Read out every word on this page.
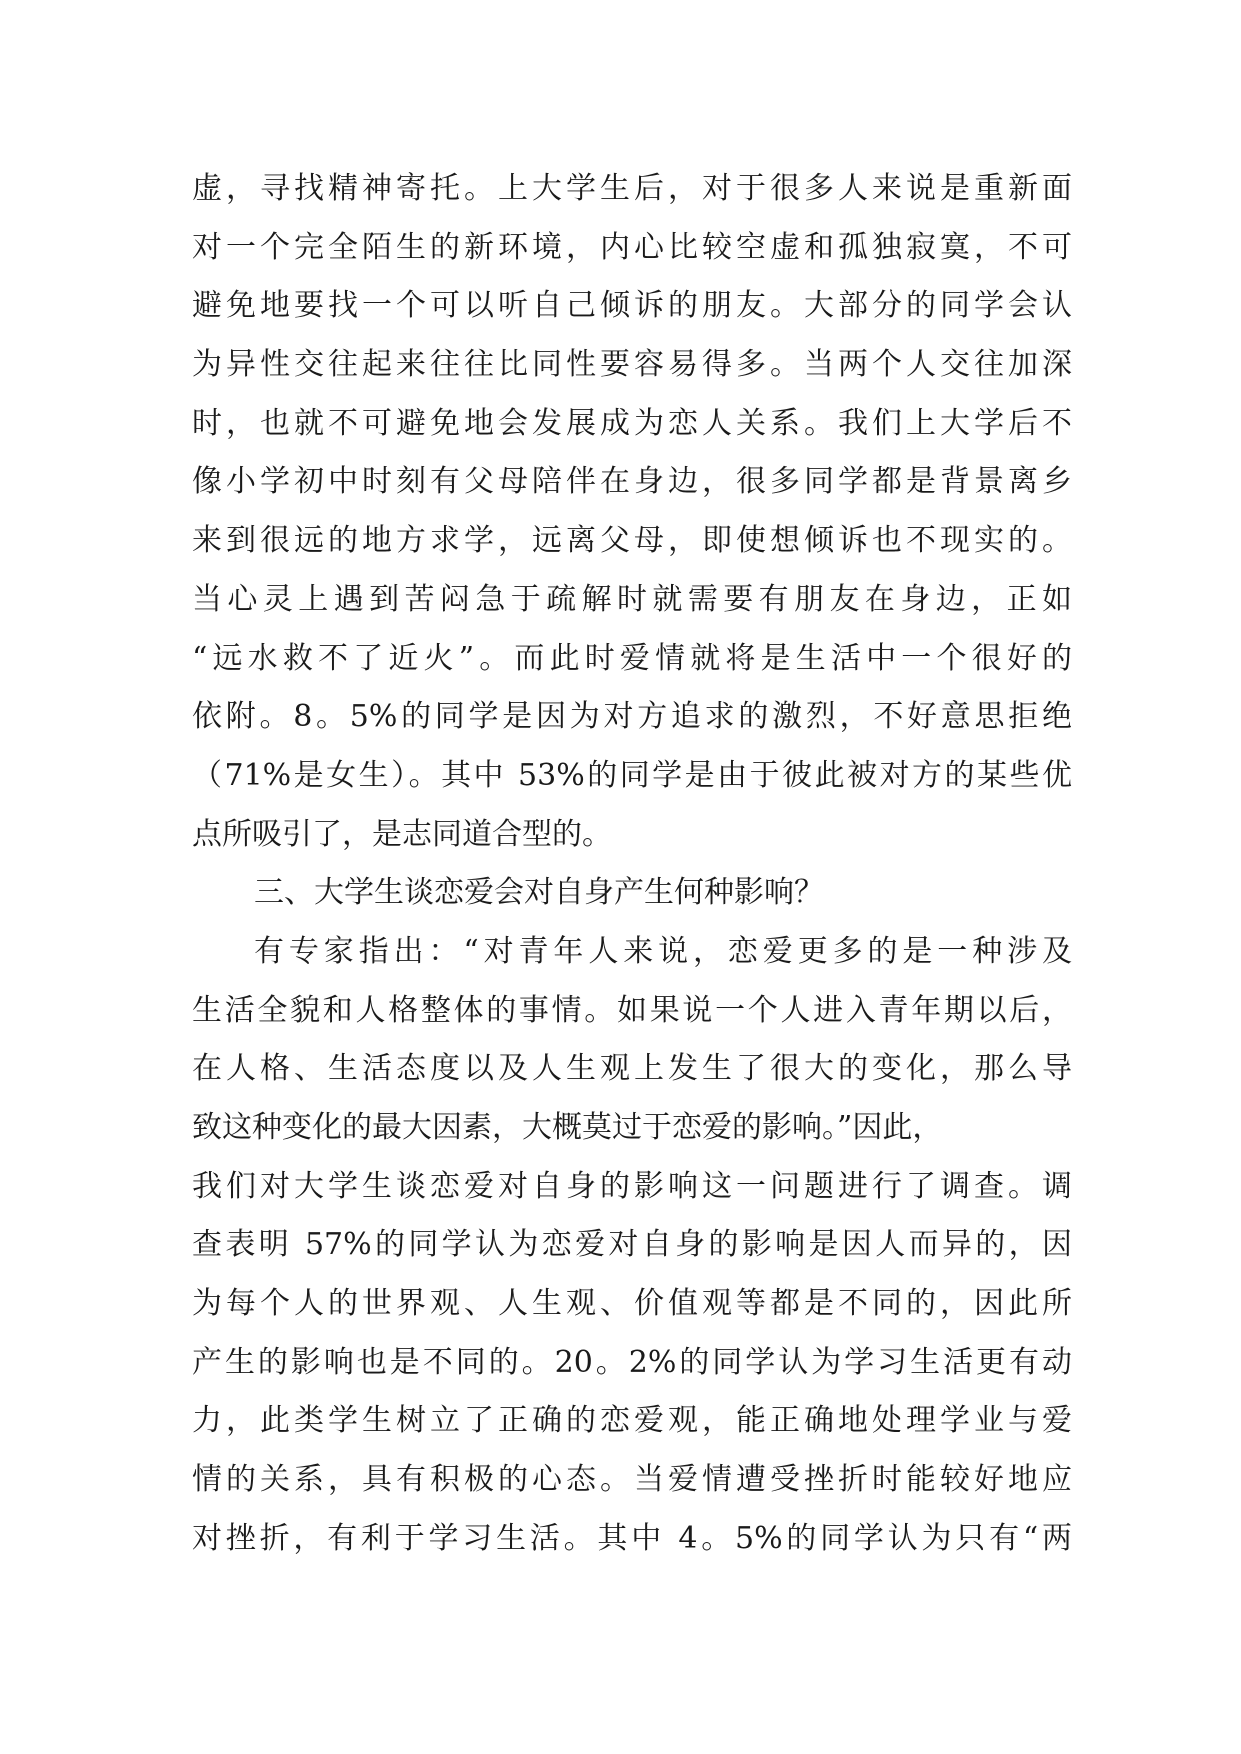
虚，寻找精神寄托。上大学生后，对于很多人来说是重新面
对一个完全陌生的新环境，内心比较空虚和孤独寂寞，不可
避免地要找一个可以听自己倾诉的朋友。大部分的同学会认
为异性交往起来往往比同性要容易得多。当两个人交往加深
时，也就不可避免地会发展成为恋人关系。我们上大学后不
像小学初中时刻有父母陪伴在身边，很多同学都是背景离乡
来到很远的地方求学，远离父母，即使想倾诉也不现实的。
当心灵上遇到苦闷急于疏解时就需要有朋友在身边，正如
“远水救不了近火”。而此时爱情就将是生活中一个很好的
依附。8。5%的同学是因为对方追求的激烈，不好意思拒绝
（71%是女生）。其中 53%的同学是由于彼此被对方的某些优
点所吸引了，是志同道合型的。
三、大学生谈恋爱会对自身产生何种影响？
有专家指出：“对青年人来说，恋爱更多的是一种涉及
生活全貌和人格整体的事情。如果说一个人进入青年期以后，
在人格、生活态度以及人生观上发生了很大的变化，那么导
致这种变化的最大因素，大概莫过于恋爱的影响。”因此，
我们对大学生谈恋爱对自身的影响这一问题进行了调查。调
查表明 57%的同学认为恋爱对自身的影响是因人而异的，因
为每个人的世界观、人生观、价值观等都是不同的，因此所
产生的影响也是不同的。20。2%的同学认为学习生活更有动
力，此类学生树立了正确的恋爱观，能正确地处理学业与爱
情的关系，具有积极的心态。当爱情遭受挫折时能较好地应
对挫折，有利于学习生活。其中 4。5%的同学认为只有“两
